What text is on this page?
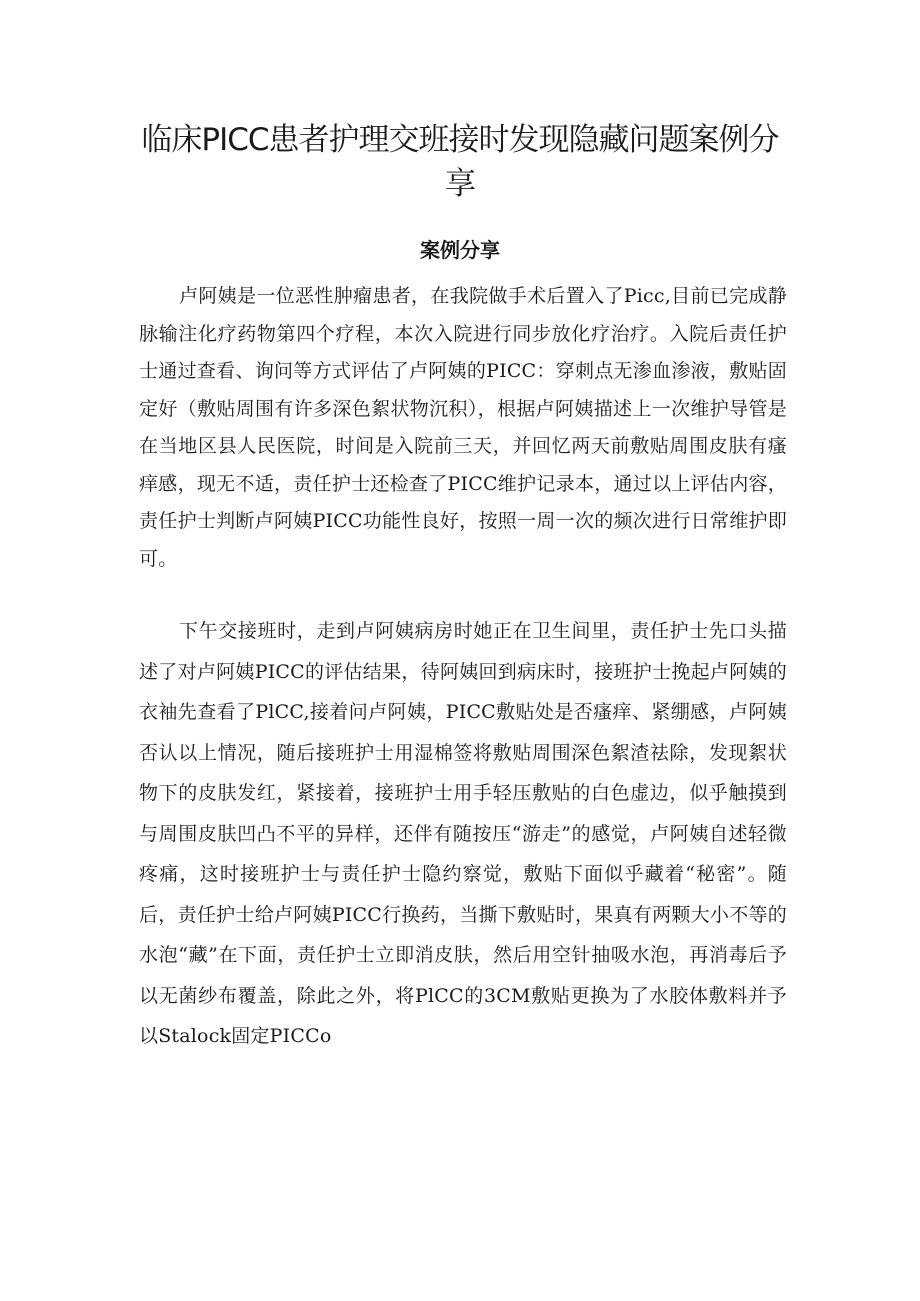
临床PICC患者护理交班接时发现隐藏问题案例分享
案例分享

卢阿姨是一位恶性肿瘤患者，在我院做手术后置入了Picc,目前已完成静脉输注化疗药物第四个疗程，本次入院进行同步放化疗治疗。入院后责任护士通过查看、询问等方式评估了卢阿姨的PICC：穿刺点无渗血渗液，敷贴固定好（敷贴周围有许多深色絮状物沉积），根据卢阿姨描述上一次维护导管是在当地区县人民医院，时间是入院前三天，并回忆两天前敷贴周围皮肤有瘙痒感，现无不适，责任护士还检查了PICC维护记录本，通过以上评估内容，责任护士判断卢阿姨PICC功能性良好，按照一周一次的频次进行日常维护即可。

下午交接班时，走到卢阿姨病房时她正在卫生间里，责任护士先口头描述了对卢阿姨PICC的评估结果，待阿姨回到病床时，接班护士挽起卢阿姨的衣袖先查看了PlCC,接着问卢阿姨，PICC敷贴处是否瘙痒、紧绷感，卢阿姨否认以上情况，随后接班护士用湿棉签将敷贴周围深色絮渣祛除，发现絮状物下的皮肤发红，紧接着，接班护士用手轻压敷贴的白色虚边，似乎触摸到与周围皮肤凹凸不平的异样，还伴有随按压“游走”的感觉，卢阿姨自述轻微疼痛，这时接班护士与责任护士隐约察觉，敷贴下面似乎藏着“秘密”。随后，责任护士给卢阿姨PICC行换药，当撕下敷贴时，果真有两颗大小不等的水泡“藏”在下面，责任护士立即消皮肤，然后用空针抽吸水泡，再消毒后予以无菌纱布覆盖，除此之外，将PlCC的3CM敷贴更换为了水胶体敷料并予以Stalock固定PICCo
